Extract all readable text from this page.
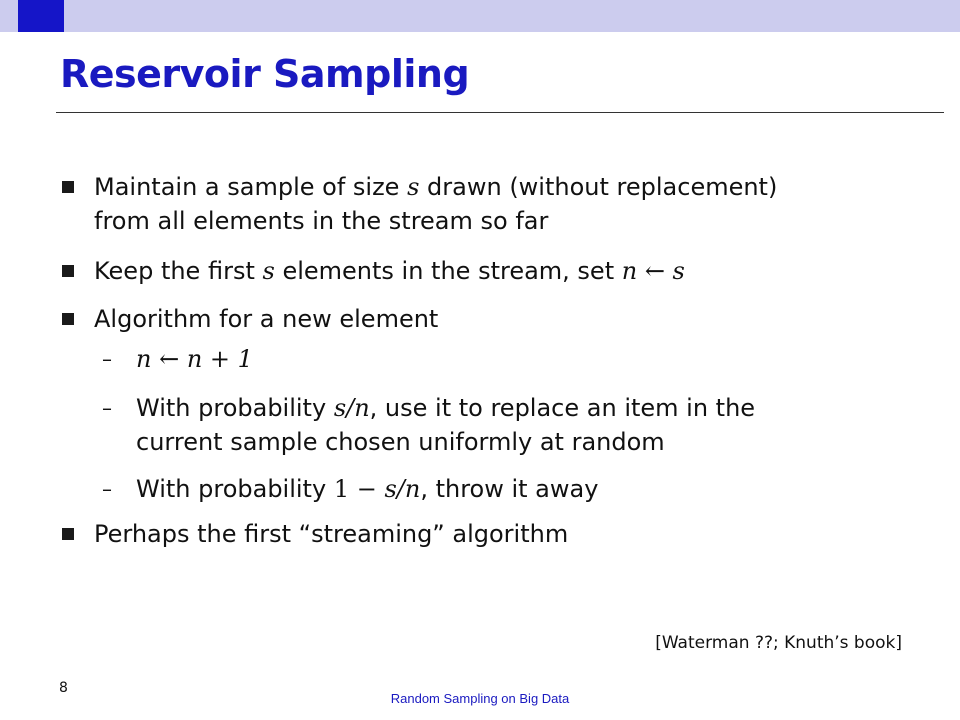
Reservoir Sampling
Maintain a sample of size s drawn (without replacement)
from all elements in the stream so far
Keep the first s elements in the stream, set n ← s
Algorithm for a new element
– n ← n + 1
– With probability s/n, use it to replace an item in the
current sample chosen uniformly at random
– With probability 1 − s/n, throw it away
Perhaps the first “streaming” algorithm
[Waterman ??; Knuth’s book]
8
Random Sampling on Big Data
